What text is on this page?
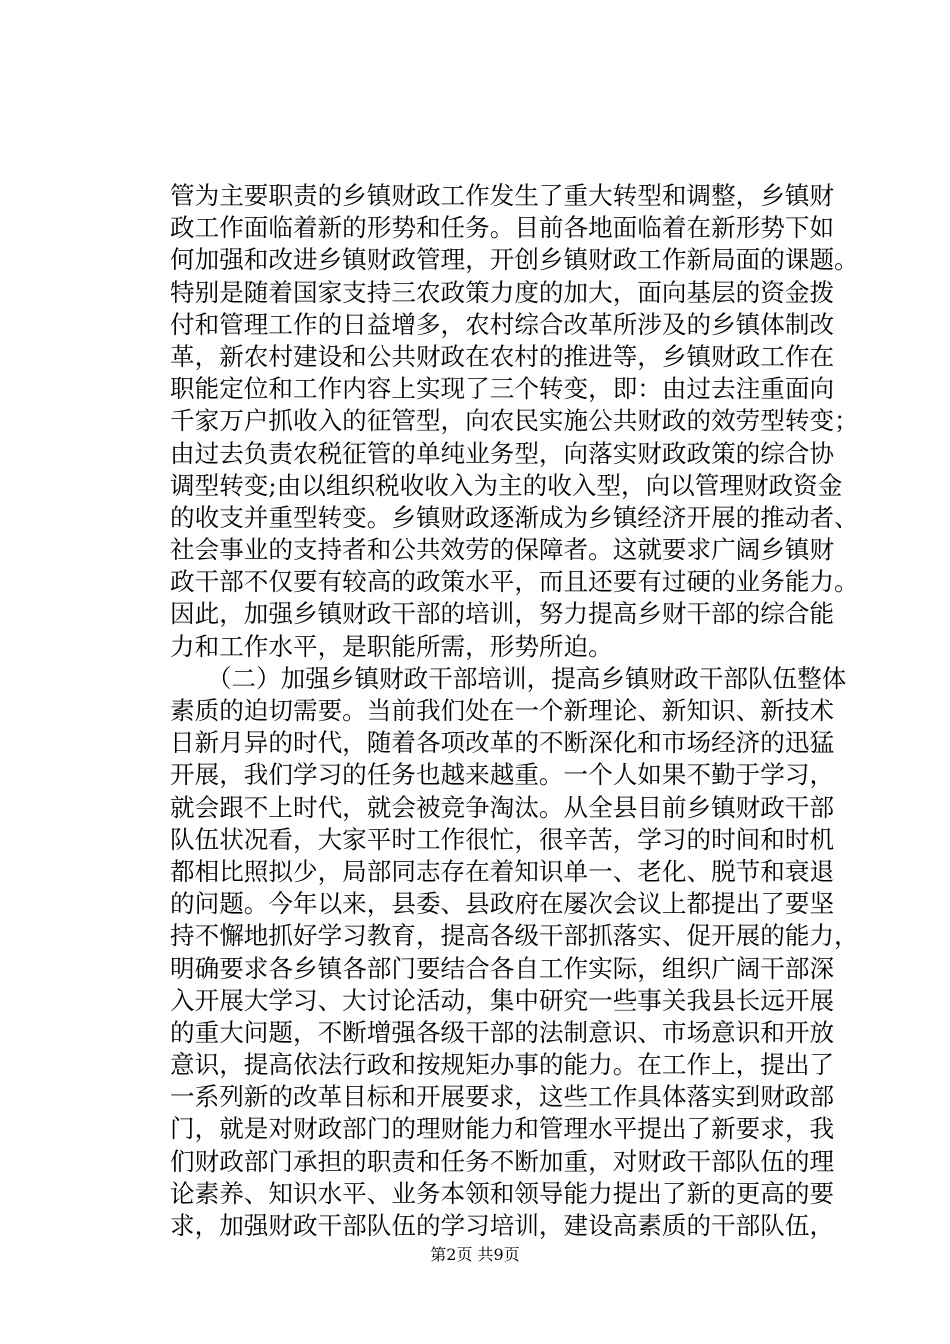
管为主要职责的乡镇财政工作发生了重大转型和调整，乡镇财
政工作面临着新的形势和任务。目前各地面临着在新形势下如
何加强和改进乡镇财政管理，开创乡镇财政工作新局面的课题。
特别是随着国家支持三农政策力度的加大，面向基层的资金拨
付和管理工作的日益增多，农村综合改革所涉及的乡镇体制改
革，新农村建设和公共财政在农村的推进等，乡镇财政工作在
职能定位和工作内容上实现了三个转变，即：由过去注重面向
千家万户抓收入的征管型，向农民实施公共财政的效劳型转变；
由过去负责农税征管的单纯业务型，向落实财政政策的综合协
调型转变;由以组织税收收入为主的收入型，向以管理财政资金
的收支并重型转变。乡镇财政逐渐成为乡镇经济开展的推动者、
社会事业的支持者和公共效劳的保障者。这就要求广阔乡镇财
政干部不仅要有较高的政策水平，而且还要有过硬的业务能力。
因此，加强乡镇财政干部的培训，努力提高乡财干部的综合能
力和工作水平，是职能所需，形势所迫。
　　（二）加强乡镇财政干部培训，提高乡镇财政干部队伍整体
素质的迫切需要。当前我们处在一个新理论、新知识、新技术
日新月异的时代，随着各项改革的不断深化和市场经济的迅猛
开展，我们学习的任务也越来越重。一个人如果不勤于学习，
就会跟不上时代，就会被竞争淘汰。从全县目前乡镇财政干部
队伍状况看，大家平时工作很忙，很辛苦，学习的时间和时机
都相比照拟少，局部同志存在着知识单一、老化、脱节和衰退
的问题。今年以来，县委、县政府在屡次会议上都提出了要坚
持不懈地抓好学习教育，提高各级干部抓落实、促开展的能力，
明确要求各乡镇各部门要结合各自工作实际，组织广阔干部深
入开展大学习、大讨论活动，集中研究一些事关我县长远开展
的重大问题，不断增强各级干部的法制意识、市场意识和开放
意识，提高依法行政和按规矩办事的能力。在工作上，提出了
一系列新的改革目标和开展要求，这些工作具体落实到财政部
门，就是对财政部门的理财能力和管理水平提出了新要求，我
们财政部门承担的职责和任务不断加重，对财政干部队伍的理
论素养、知识水平、业务本领和领导能力提出了新的更高的要
求，加强财政干部队伍的学习培训，建设高素质的干部队伍，
第2页 共9页
